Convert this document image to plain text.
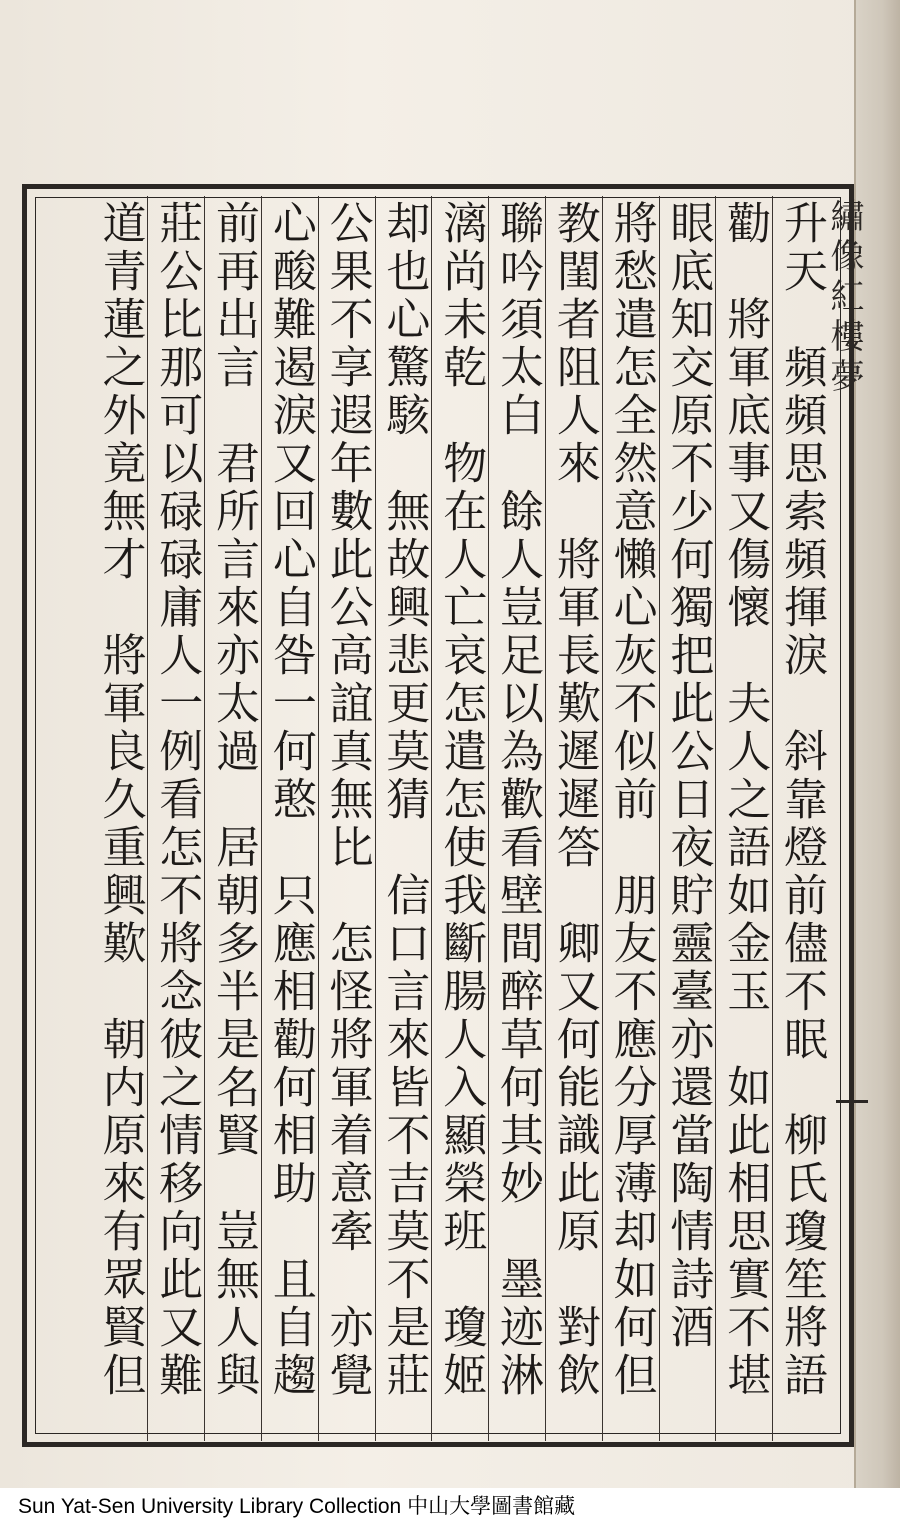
繡像紅樓夢
升天　頻頻思索頻揮淚　斜靠燈前儘不眠　柳氏瓊笙將語
勸　將軍底事又傷懷　夫人之語如金玉　如此相思實不堪
眼底知交原不少何獨把此公日夜貯靈臺亦還當陶情詩酒
將愁遣怎全然意懶心灰不似前　朋友不應分厚薄却如何但
教閨者阻人來　將軍長歎遲遲答　卿又何能識此原　對飲
聯吟須太白　餘人豈足以為歡看壁間醉草何其妙　墨迹淋
漓尚未乾　物在人亡哀怎遣怎使我斷腸人入顯榮班　瓊姬
却也心驚駭　無故興悲更莫猜　信口言來皆不吉莫不是莊
公果不享遐年數此公高誼真無比　怎怪將軍着意牽　亦覺
心酸難遏淚又回心自咎一何憨　只應相勸何相助　且自趨
前再出言　君所言來亦太過　居朝多半是名賢　豈無人與
莊公比那可以碌碌庸人一例看怎不將念彼之情移向此又難
道青蓮之外竟無才　將軍良久重興歎　朝内原來有眾賢但
Sun Yat-Sen University Library Collection 中山大學圖書館藏
